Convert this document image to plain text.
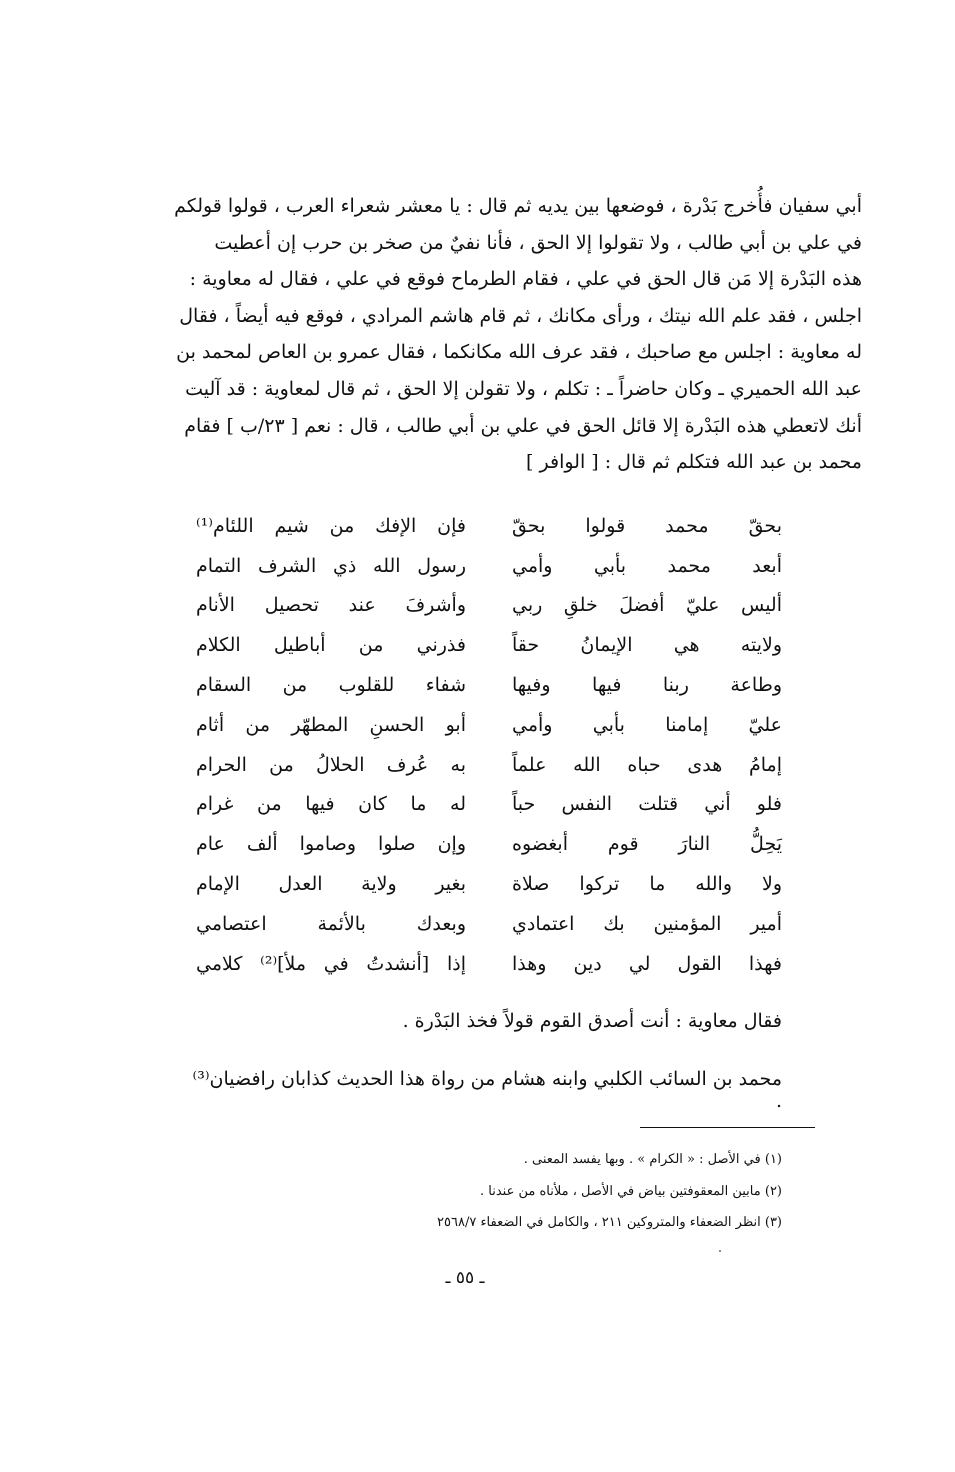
أبي سفيان فأُخرج بَدْرة ، فوضعها بين يديه ثم قال : يا معشر شعراء العرب ، قولوا قولكم

في علي بن أبي طالب ، ولا تقولوا إلا الحق ، فأنا نفيٌ من صخر بن حرب إن أعطيت

هذه البَدْرة إلا مَن قال الحق في علي ، فقام الطرماح فوقع في علي ، فقال له معاوية :

اجلس ، فقد علم الله نيتك ، ورأى مكانك ، ثم قام هاشم المرادي ، فوقع فيه أيضاً ، فقال

له معاوية : اجلس مع صاحبك ، فقد عرف الله مكانكما ، فقال عمرو بن العاص لمحمد بن

عبد الله الحميري ـ وكان حاضراً ـ : تكلم ، ولا تقولن إلا الحق ، ثم قال لمعاوية : قد آليت

أنك لاتعطي هذه البَدْرة إلا قائل الحق في علي بن أبي طالب ، قال : نعم [ ٢٣/ب ] فقام

محمد بن عبد الله فتكلم ثم قال : [ الوافر ]

بحقّ محمد قولوا بحقّ
فإن الإفك من شيم اللئام⁽¹⁾
أبعد محمد بأبي وأمي
رسول الله ذي الشرف التمام
أليس عليّ أفضلَ خلقِ ربي
وأشرفَ عند تحصيل الأنام
ولايته هي الإيمانُ حقاً
فذرني من أباطيل الكلام
وطاعة ربنا فيها وفيها
شفاء للقلوب من السقام
عليّ إمامنا بأبي وأمي
أبو الحسنِ المطهّر من أثام
إمامُ هدى حباه الله علماً
به عُرف الحلالُ من الحرام
فلو أني قتلت النفس حباً
له ما كان فيها من غرام
يَحِلُّ النارَ قوم أبغضوه
وإن صلوا وصاموا ألف عام
ولا والله ما تركوا صلاة
بغير ولاية العدل الإمام
أمير المؤمنين بك اعتمادي
وبعدك بالأئمة اعتصامي
فهذا القول لي دين وهذا
إذا [أنشدتُ في ملأ]⁽²⁾ كلامي
فقال معاوية : أنت أصدق القوم قولاً فخذ البَدْرة .
محمد بن السائب الكلبي وابنه هشام من رواة هذا الحديث كذابان رافضيان⁽³⁾ .
(١) في الأصل : « الكرام » . وبها يفسد المعنى .
(٢) مابين المعقوفتين بياض في الأصل ، ملأناه من عندنا .
(٣) انظر الضعفاء والمتروكين ٢١١ ، والكامل في الضعفاء ٢٥٦٨/٧
ـ ٥٥ ـ
